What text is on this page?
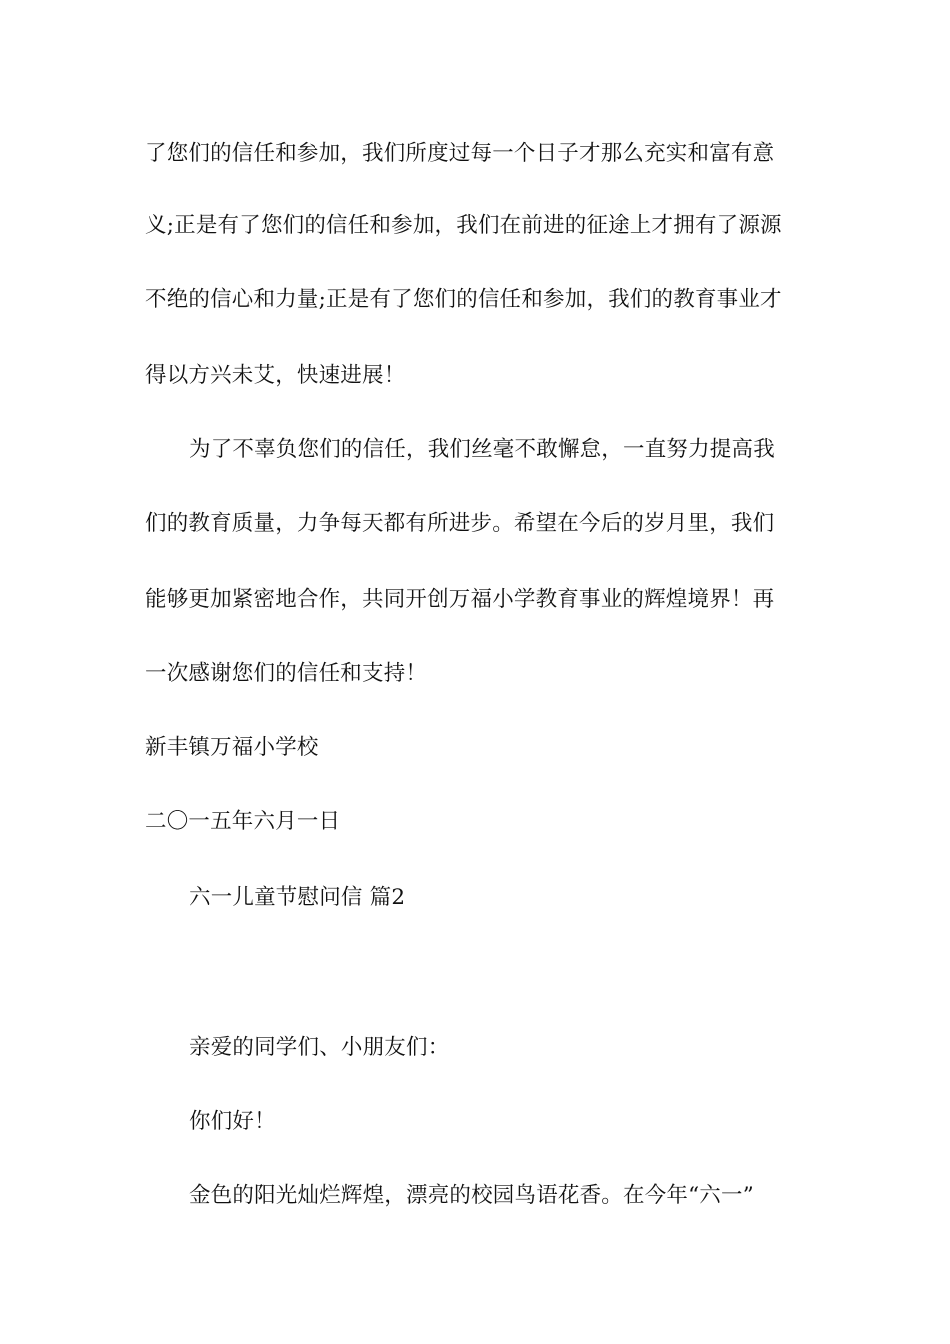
了您们的信任和参加，我们所度过每一个日子才那么充实和富有意
义;正是有了您们的信任和参加，我们在前进的征途上才拥有了源源
不绝的信心和力量;正是有了您们的信任和参加，我们的教育事业才
得以方兴未艾，快速进展！
为了不辜负您们的信任，我们丝毫不敢懈怠，一直努力提高我
们的教育质量，力争每天都有所进步。希望在今后的岁月里，我们
能够更加紧密地合作，共同开创万福小学教育事业的辉煌境界！再
一次感谢您们的信任和支持！
新丰镇万福小学校
二〇一五年六月一日
六一儿童节慰问信 篇2
亲爱的同学们、小朋友们：
你们好！
金色的阳光灿烂辉煌，漂亮的校园鸟语花香。在今年“六一”
